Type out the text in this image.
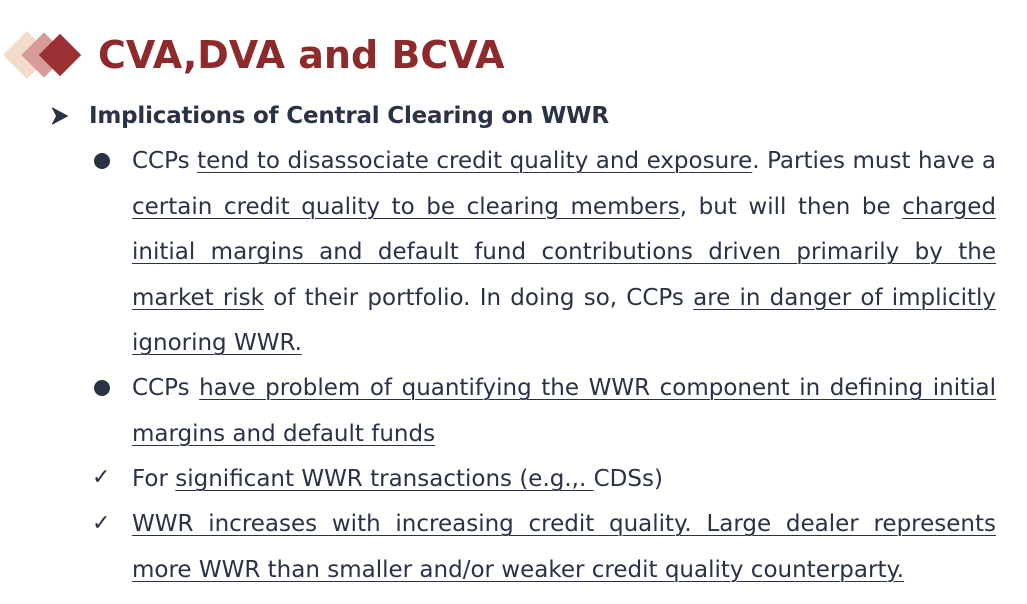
CVA,DVA and BCVA
Implications of Central Clearing on WWR

CCPs tend to disassociate credit quality and exposure. Parties must have a certain credit quality to be clearing members, but will then be charged initial margins and default fund contributions driven primarily by the market risk of their portfolio. In doing so, CCPs are in danger of implicitly ignoring WWR.

CCPs have problem of quantifying the WWR component in defining initial margins and default funds

✓ For significant WWR transactions (e.g.,. CDSs)

✓ WWR increases with increasing credit quality. Large dealer represents more WWR than smaller and/or weaker credit quality counterparty.
